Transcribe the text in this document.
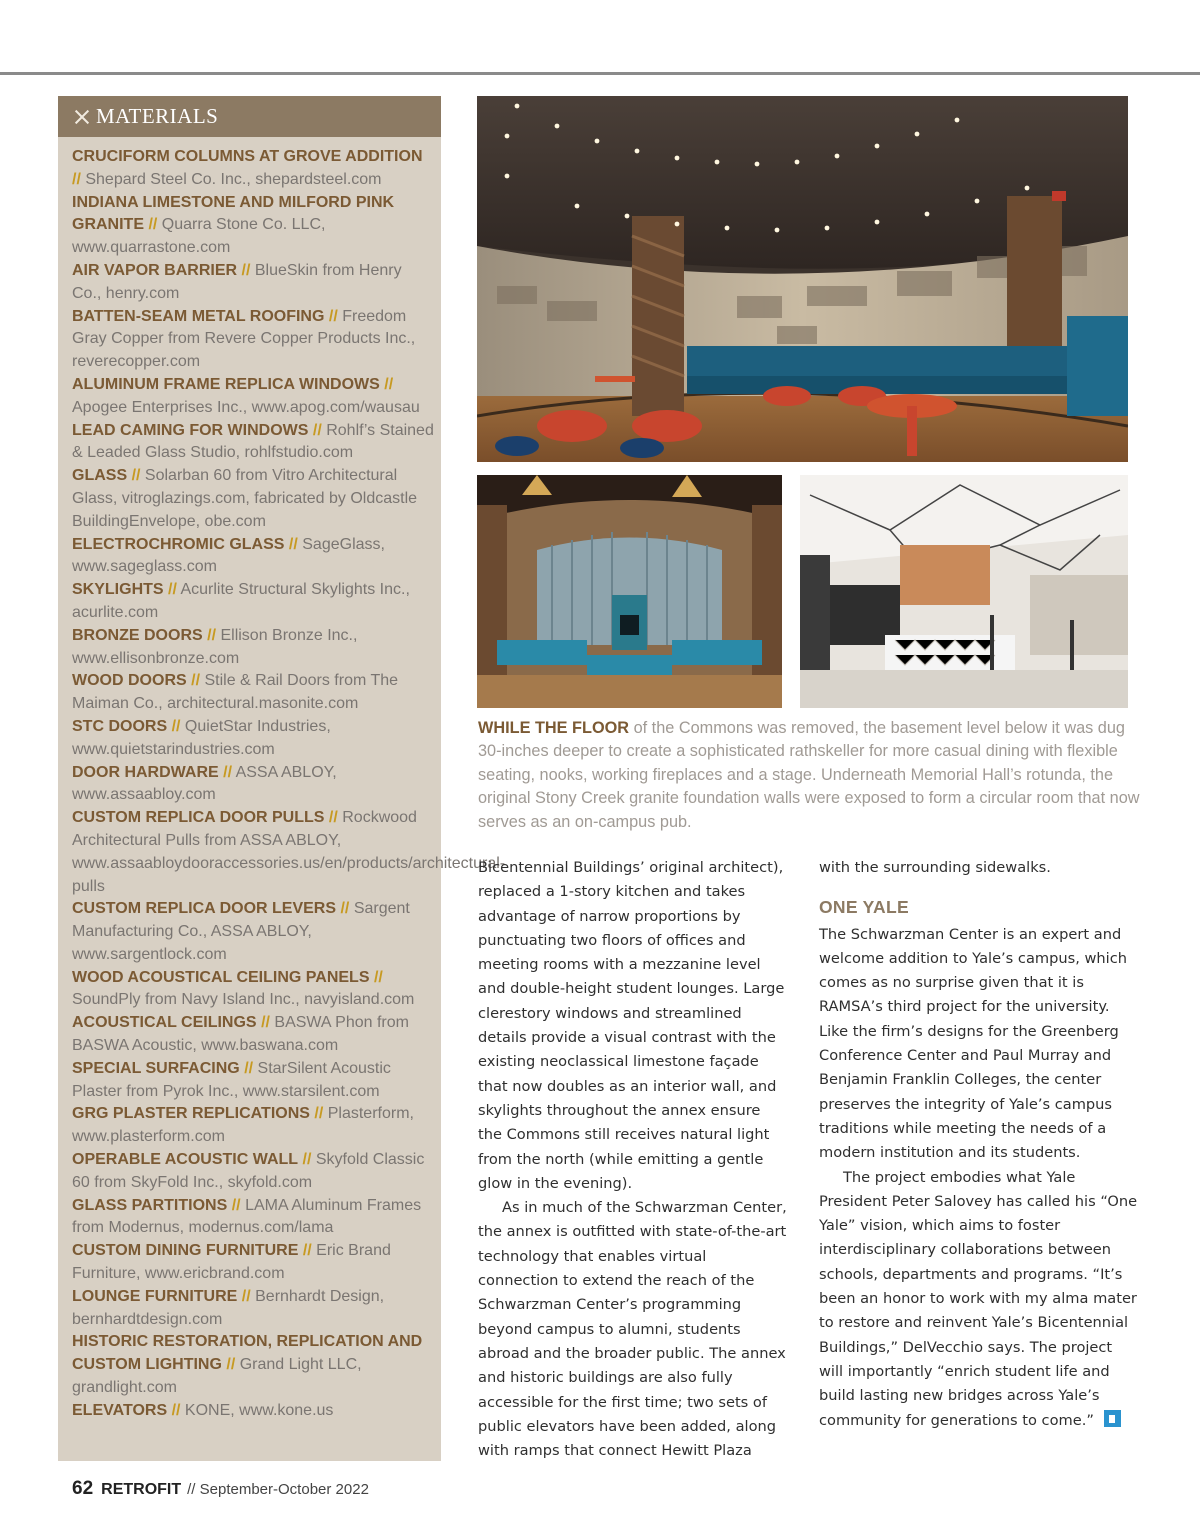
MATERIALS
CRUCIFORM COLUMNS AT GROVE ADDITION // Shepard Steel Co. Inc., shepardsteel.com
INDIANA LIMESTONE AND MILFORD PINK GRANITE // Quarra Stone Co. LLC, www.quarrastone.com
AIR VAPOR BARRIER // BlueSkin from Henry Co., henry.com
BATTEN-SEAM METAL ROOFING // Freedom Gray Copper from Revere Copper Products Inc., reverecopper.com
ALUMINUM FRAME REPLICA WINDOWS // Apogee Enterprises Inc., www.apog.com/wausau
LEAD CAMING FOR WINDOWS // Rohlf’s Stained & Leaded Glass Studio, rohlfstudio.com
GLASS // Solarban 60 from Vitro Architectural Glass, vitroglazings.com, fabricated by Oldcastle BuildingEnvelope, obe.com
ELECTROCHROMIC GLASS // SageGlass, www.sageglass.com
SKYLIGHTS // Acurlite Structural Skylights Inc., acurlite.com
BRONZE DOORS // Ellison Bronze Inc., www.ellisonbronze.com
WOOD DOORS // Stile & Rail Doors from The Maiman Co., architectural.masonite.com
STC DOORS // QuietStar Industries, www.quietstarindustries.com
DOOR HARDWARE // ASSA ABLOY, www.assaabloy.com
CUSTOM REPLICA DOOR PULLS // Rockwood Architectural Pulls from ASSA ABLOY, www.assaabloydooraccessories.us/en/products/architectural-pulls
CUSTOM REPLICA DOOR LEVERS // Sargent Manufacturing Co., ASSA ABLOY, www.sargentlock.com
WOOD ACOUSTICAL CEILING PANELS // SoundPly from Navy Island Inc., navyisland.com
ACOUSTICAL CEILINGS // BASWA Phon from BASWA Acoustic, www.baswana.com
SPECIAL SURFACING // StarSilent Acoustic Plaster from Pyrok Inc., www.starsilent.com
GRG PLASTER REPLICATIONS // Plasterform, www.plasterform.com
OPERABLE ACOUSTIC WALL // Skyfold Classic 60 from SkyFold Inc., skyfold.com
GLASS PARTITIONS // LAMA Aluminum Frames from Modernus, modernus.com/lama
CUSTOM DINING FURNITURE // Eric Brand Furniture, www.ericbrand.com
LOUNGE FURNITURE // Bernhardt Design, bernhardtdesign.com
HISTORIC RESTORATION, REPLICATION AND CUSTOM LIGHTING // Grand Light LLC, grandlight.com
ELEVATORS // KONE, www.kone.us
WHILE THE FLOOR of the Commons was removed, the basement level below it was dug 30-inches deeper to create a sophisticated rathskeller for more casual dining with flexible seating, nooks, working fireplaces and a stage. Underneath Memorial Hall’s rotunda, the original Stony Creek granite foundation walls were exposed to form a circular room that now serves as an on-campus pub.

Bicentennial Buildings’ original architect), replaced a 1-story kitchen and takes advantage of narrow proportions by punctuating two floors of offices and meeting rooms with a mezzanine level and double-height student lounges. Large clerestory windows and streamlined details provide a visual contrast with the existing neoclassical limestone façade that now doubles as an interior wall, and skylights throughout the annex ensure the Commons still receives natural light from the north (while emitting a gentle glow in the evening).

As in much of the Schwarzman Center, the annex is outfitted with state-of-the-art technology that enables virtual connection to extend the reach of the Schwarzman Center’s programming beyond campus to alumni, students abroad and the broader public. The annex and historic buildings are also fully accessible for the first time; two sets of public elevators have been added, along with ramps that connect Hewitt Plaza

with the surrounding sidewalks.

ONE YALE

The Schwarzman Center is an expert and welcome addition to Yale’s campus, which comes as no surprise given that it is RAMSA’s third project for the university. Like the firm’s designs for the Greenberg Conference Center and Paul Murray and Benjamin Franklin Colleges, the center preserves the integrity of Yale’s campus traditions while meeting the needs of a modern institution and its students.

The project embodies what Yale President Peter Salovey has called his “One Yale” vision, which aims to foster interdisciplinary collaborations between schools, departments and programs. “It’s been an honor to work with my alma mater to restore and reinvent Yale’s Bicentennial Buildings,” DelVecchio says. The project will importantly “enrich student life and build lasting new bridges across Yale’s community for generations to come.”

62 RETROFIT // September-October 2022
